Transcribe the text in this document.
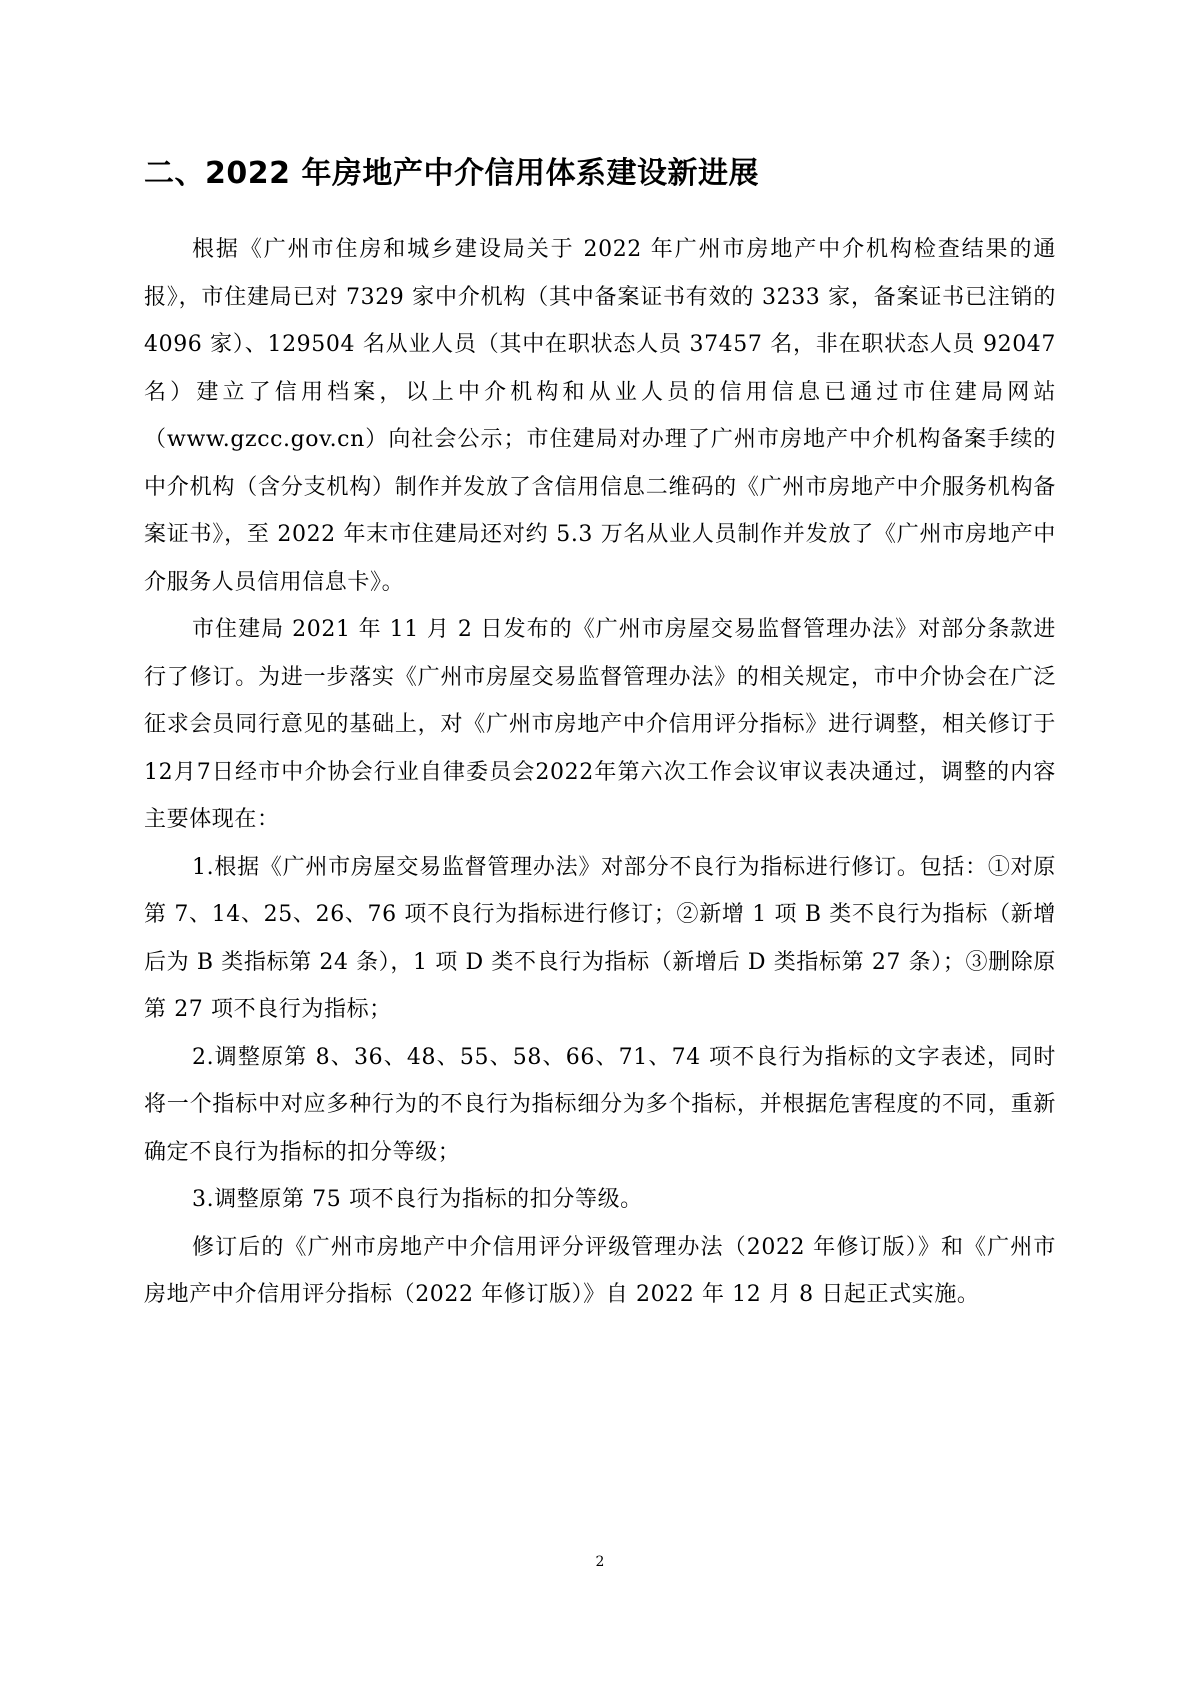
二、2022 年房地产中介信用体系建设新进展

根据《广州市住房和城乡建设局关于 2022 年广州市房地产中介机构检查结果的通报》，市住建局已对 7329 家中介机构（其中备案证书有效的 3233 家，备案证书已注销的 4096 家）、129504 名从业人员（其中在职状态人员 37457 名，非在职状态人员 92047 名）建立了信用档案，以上中介机构和从业人员的信用信息已通过市住建局网站（www.gzcc.gov.cn）向社会公示；市住建局对办理了广州市房地产中介机构备案手续的中介机构（含分支机构）制作并发放了含信用信息二维码的《广州市房地产中介服务机构备案证书》，至 2022 年末市住建局还对约 5.3 万名从业人员制作并发放了《广州市房地产中介服务人员信用信息卡》。

市住建局 2021 年 11 月 2 日发布的《广州市房屋交易监督管理办法》对部分条款进行了修订。为进一步落实《广州市房屋交易监督管理办法》的相关规定，市中介协会在广泛征求会员同行意见的基础上，对《广州市房地产中介信用评分指标》进行调整，相关修订于12月7日经市中介协会行业自律委员会2022年第六次工作会议审议表决通过，调整的内容主要体现在：

1.根据《广州市房屋交易监督管理办法》对部分不良行为指标进行修订。包括：①对原第 7、14、25、26、76 项不良行为指标进行修订；②新增 1 项 B 类不良行为指标（新增后为 B 类指标第 24 条），1 项 D 类不良行为指标（新增后 D 类指标第 27 条）；③删除原第 27 项不良行为指标；

2.调整原第 8、36、48、55、58、66、71、74 项不良行为指标的文字表述，同时将一个指标中对应多种行为的不良行为指标细分为多个指标，并根据危害程度的不同，重新确定不良行为指标的扣分等级；

3.调整原第 75 项不良行为指标的扣分等级。

修订后的《广州市房地产中介信用评分评级管理办法（2022 年修订版）》和《广州市房地产中介信用评分指标（2022 年修订版）》自 2022 年 12 月 8 日起正式实施。

2
